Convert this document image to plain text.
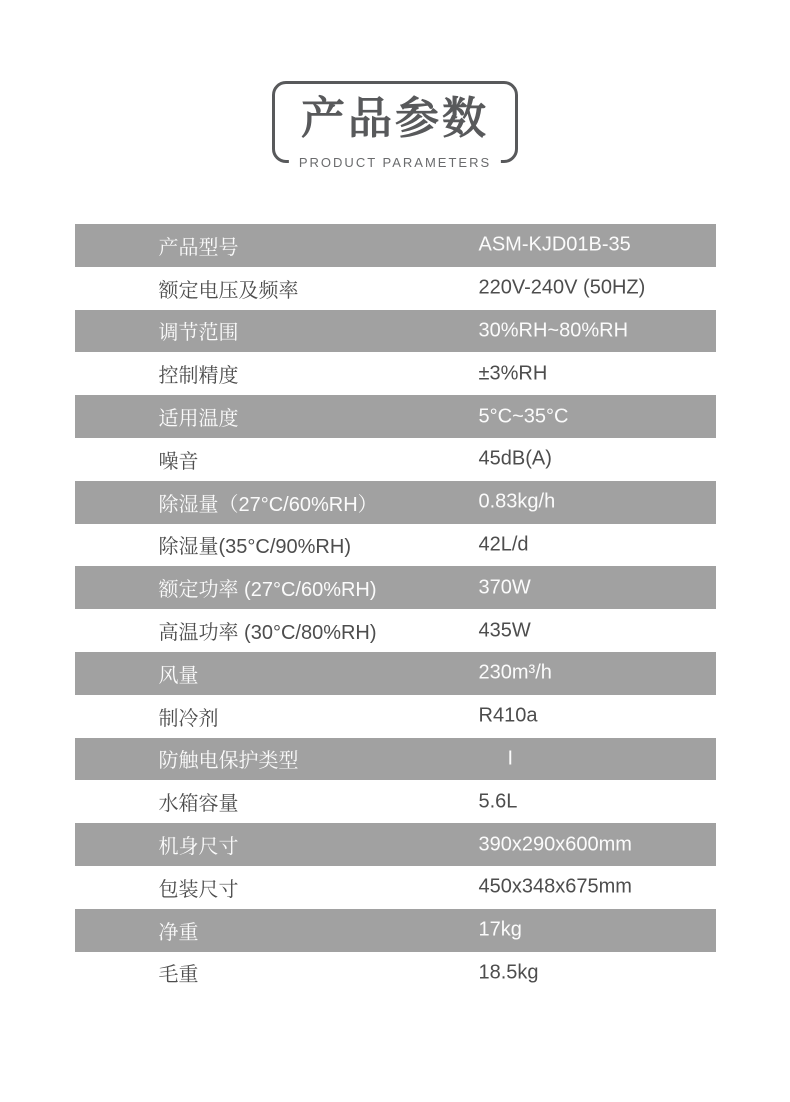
产品参数
PRODUCT PARAMETERS
产品型号	ASM-KJD01B-35
额定电压及频率	220V-240V (50HZ)
调节范围	30%RH~80%RH
控制精度	±3%RH
适用温度	5°C~35°C
噪音	45dB(A)
除湿量（27°C/60%RH）	0.83kg/h
除湿量(35°C/90%RH)	42L/d
额定功率 (27°C/60%RH)	370W
高温功率 (30°C/80%RH)	435W
风量	230m³/h
制冷剂	R410a
防触电保护类型	I
水箱容量	5.6L
机身尺寸	390x290x600mm
包装尺寸	450x348x675mm
净重	17kg
毛重	18.5kg
